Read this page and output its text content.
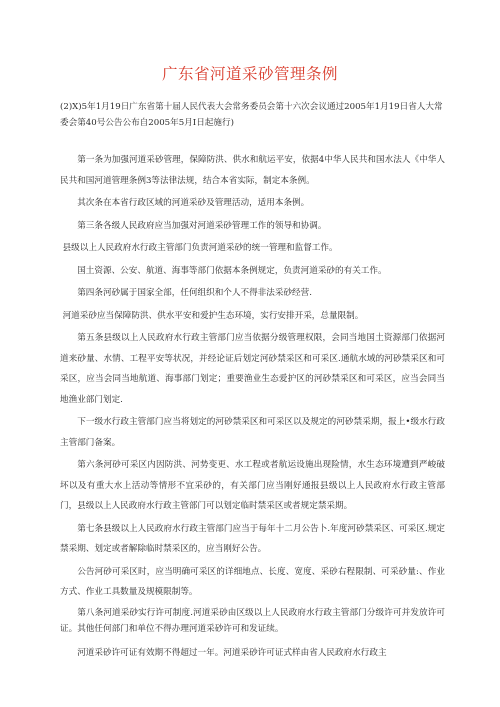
广东省河道采砂管理条例
(2)X)5年1月19日广东省第十届人民代表大会常务委员会第十六次会议通过2005年1月19日省人大常委会第40号公告公布自2005年5月I日起施行)

第一条为加强河道采砂管理，保障防洪、供水和航运平安，依据4中华人民共和国水法人《中华人民共和国河道管理条例3等法律法规，结合本省实际，制定本条例。

其次条在本省行政区域的河道采砂及管理活动，适用本条例。

第三条各级人民政府应当加强对河道采砂管理工作的领导和协调。

县级以上人民政府水行政主管部门负责河道采砂的统一管理和监督工作。

国土资源、公安、航道、海事等部门依据本条例规定，负责河道采砂的有关工作。

第四条河砂属于国家全部，任何组织和个人不得非法采砂经营.

河道采砂应当保障防洪、供水平安和爱护生态环境，实行安排开采，总量限制。

第五条县级以上人民政府水行政主管部门应当依据分级管理权限，会同当地国土资源部门依据河道来砂量、水情、工程平安等状况，并经论证后划定河砂禁采区和可采区.通航水域的河砂禁采区和可采区，应当会同当地航道、海事部门划定；重要渔业生态爱护区的河砂禁采区和可采区，应当会同当地渔业部门划定.

下一级水行政主管部门应当将划定的河砂禁采区和可采区以及规定的河砂禁采期，报上•级水行政主管部门备案。

第六条河砂可采区内因防洪、河势变更、水工程或者航运设施出现险情，水生态环境遭到严峻破坏以及有重大水上活动等情形不宜采砂的，有关部门应当刚好通报县级以上人民政府水行政主管部门，县级以上人民政府水行政主管部门可以划定临时禁采区或者规定禁采期。

第七条县级以上人民政府水行政主管部门应当于每年十二月公告卜.年度河砂禁采区、可采区.规定禁采期、划定或者解除临时禁采区的，应当刚好公告。

公告河砂可采区时，应当明确可采区的详细地点、长度、宽度、采砂右程限制、可采砂量:、作业方式、作业工具数量及规模限制等。

第八条河道采砂实行许可制度.河道采砂由区级以上人民政府水行政主管部门分级许可并发放许可证。其他任何部门和单位不得办理河道采砂许可和发证续。

河道采砂许可证有效期不得超过一年。河道采砂许可证式样由省人民政府水行政主
